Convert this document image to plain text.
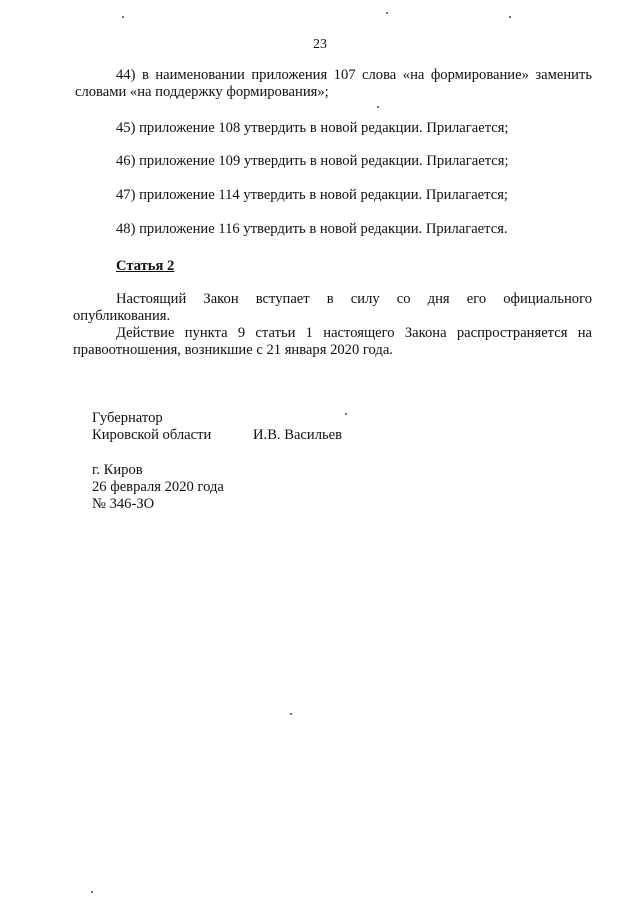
23
44) в наименовании приложения 107 слова «на формирование» заменить
словами «на поддержку формирования»;
45) приложение 108 утвердить в новой редакции. Прилагается;
46) приложение 109 утвердить в новой редакции. Прилагается;
47) приложение 114 утвердить в новой редакции. Прилагается;
48) приложение 116 утвердить в новой редакции. Прилагается.
Статья 2
Настоящий Закон вступает в силу со дня его официального
опубликования.
Действие пункта 9 статьи 1 настоящего Закона распространяется на
правоотношения, возникшие с 21 января 2020 года.
Губернатор
Кировской области	И.В. Васильев
г. Киров
26 февраля 2020 года
№ 346-ЗО
